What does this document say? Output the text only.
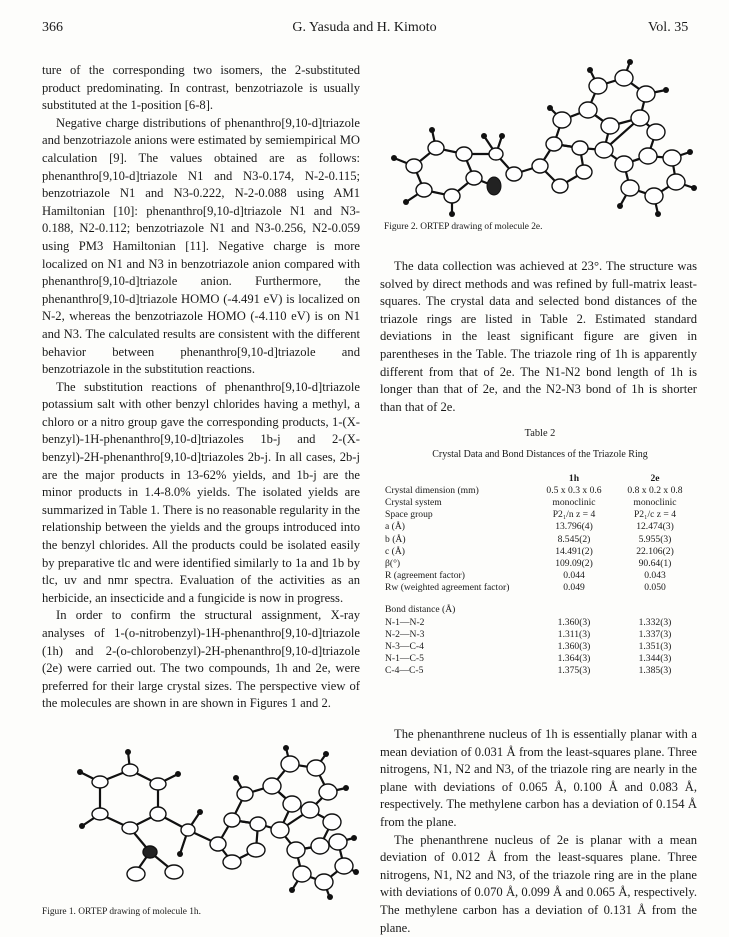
366	G. Yasuda and H. Kimoto	Vol. 35

ture of the corresponding two isomers, the 2-substituted product predominating. In contrast, benzotriazole is usually substituted at the 1-position [6-8].

Negative charge distributions of phenanthro[9,10-d]triazole and benzotriazole anions were estimated by semiempirical MO calculation [9]. The values obtained are as follows: phenanthro[9,10-d]triazole N1 and N3-0.174, N-2-0.115; benzotriazole N1 and N3-0.222, N-2-0.088 using AM1 Hamiltonian [10]: phenanthro[9,10-d]triazole N1 and N3-0.188, N2-0.112; benzotriazole N1 and N3-0.256, N2-0.059 using PM3 Hamiltonian [11]. Negative charge is more localized on N1 and N3 in benzotriazole anion compared with phenanthro[9,10-d]triazole anion. Furthermore, the phenanthro[9,10-d]triazole HOMO (-4.491 eV) is localized on N-2, whereas the benzotriazole HOMO (-4.110 eV) is on N1 and N3. The calculated results are consistent with the different behavior between phenanthro[9,10-d]triazole and benzotriazole in the substitution reactions.

The substitution reactions of phenanthro[9,10-d]triazole potassium salt with other benzyl chlorides having a methyl, a chloro or a nitro group gave the corresponding products, 1-(X-benzyl)-1H-phenanthro[9,10-d]triazoles 1b-j and 2-(X-benzyl)-2H-phenanthro[9,10-d]triazoles 2b-j. In all cases, 2b-j are the major products in 13-62% yields, and 1b-j are the minor products in 1.4-8.0% yields. The isolated yields are summarized in Table 1. There is no reasonable regularity in the relationship between the yields and the groups introduced into the benzyl chlorides. All the products could be isolated easily by preparative tlc and were identified similarly to 1a and 1b by tlc, uv and nmr spectra. Evaluation of the activities as an herbicide, an insecticide and a fungicide is now in progress.

In order to confirm the structural assignment, X-ray analyses of 1-(o-nitrobenzyl)-1H-phenanthro[9,10-d]triazole (1h) and 2-(o-chlorobenzyl)-2H-phenanthro[9,10-d]triazole (2e) were carried out. The two compounds, 1h and 2e, were preferred for their large crystal sizes. The perspective view of the molecules are shown in are shown in Figures 1 and 2.

Figure 1. ORTEP drawing of molecule 1h.
Figure 2. ORTEP drawing of molecule 2e.

The data collection was achieved at 23°. The structure was solved by direct methods and was refined by full-matrix least-squares. The crystal data and selected bond distances of the triazole rings are listed in Table 2. Estimated standard deviations in the least significant figure are given in parentheses in the Table. The triazole ring of 1h is apparently different from that of 2e. The N1-N2 bond length of 1h is longer than that of 2e, and the N2-N3 bond of 1h is shorter than that of 2e.

Table 2
Crystal Data and Bond Distances of the Triazole Ring
	1h	2e
Crystal dimension (mm)	0.5 x 0.3 x 0.6	0.8 x 0.2 x 0.8
Crystal system	monoclinic	monoclinic
Space group	P2₁/n z = 4	P2₁/c z = 4
a (Å)	13.796(4)	12.474(3)
b (Å)	8.545(2)	5.955(3)
c (Å)	14.491(2)	22.106(2)
β(°)	109.09(2)	90.64(1)
R (agreement factor)	0.044	0.043
Rw (weighted agreement factor)	0.049	0.050

Bond distance (Å)		
N-1—N-2	1.360(3)	1.332(3)
N-2—N-3	1.311(3)	1.337(3)
N-3—C-4	1.360(3)	1.351(3)
N-1—C-5	1.364(3)	1.344(3)
C-4—C-5	1.375(3)	1.385(3)

The phenanthrene nucleus of 1h is essentially planar with a mean deviation of 0.031 Å from the least-squares plane. Three nitrogens, N1, N2 and N3, of the triazole ring are nearly in the plane with deviations of 0.065 Å, 0.100 Å and 0.083 Å, respectively. The methylene carbon has a deviation of 0.154 Å from the plane.

The phenanthrene nucleus of 2e is planar with a mean deviation of 0.012 Å from the least-squares plane. Three nitrogens, N1, N2 and N3, of the triazole ring are in the plane with deviations of 0.070 Å, 0.099 Å and 0.065 Å, respectively. The methylene carbon has a deviation of 0.131 Å from the plane.
